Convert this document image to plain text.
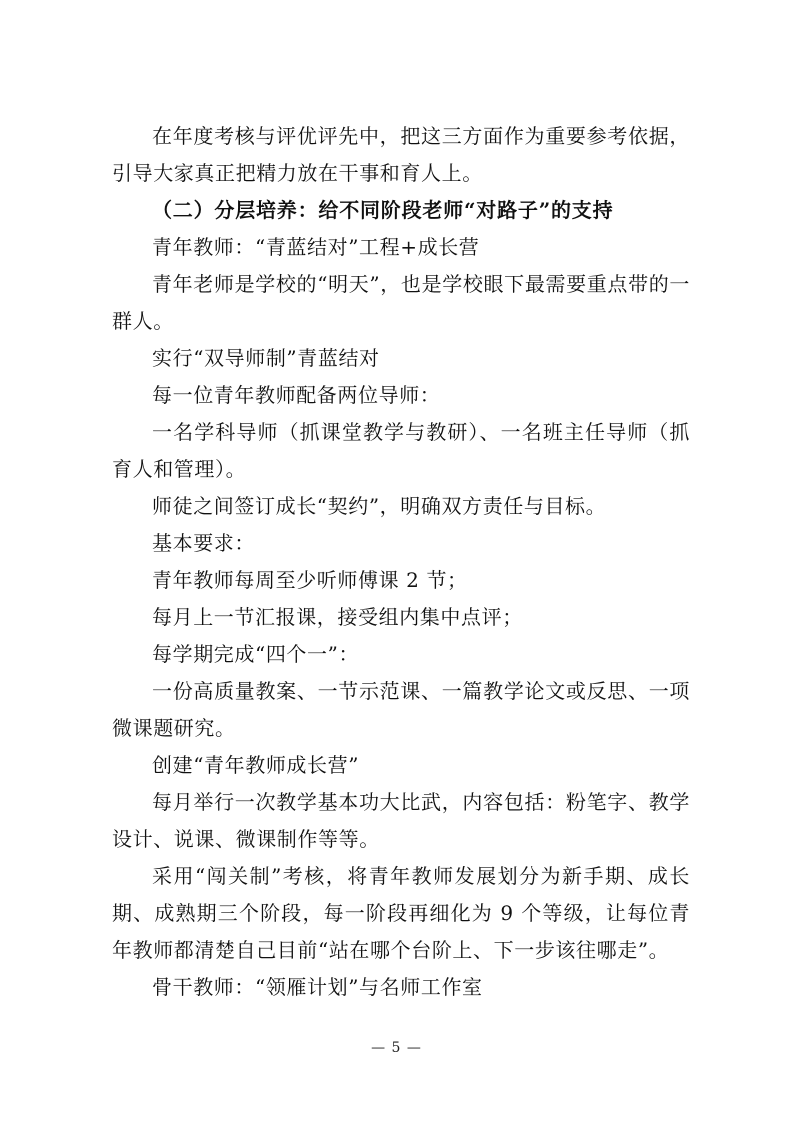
在年度考核与评优评先中，把这三方面作为重要参考依据，引导大家真正把精力放在干事和育人上。

（二）分层培养：给不同阶段老师“对路子”的支持

青年教师：“青蓝结对”工程+成长营

青年老师是学校的“明天”，也是学校眼下最需要重点带的一群人。

实行“双导师制”青蓝结对

每一位青年教师配备两位导师：

一名学科导师（抓课堂教学与教研）、一名班主任导师（抓育人和管理）。

师徒之间签订成长“契约”，明确双方责任与目标。

基本要求：

青年教师每周至少听师傅课 2 节；

每月上一节汇报课，接受组内集中点评；

每学期完成“四个一”：

一份高质量教案、一节示范课、一篇教学论文或反思、一项微课题研究。

创建“青年教师成长营”

每月举行一次教学基本功大比武，内容包括：粉笔字、教学设计、说课、微课制作等等。

采用“闯关制”考核，将青年教师发展划分为新手期、成长期、成熟期三个阶段，每一阶段再细化为 9 个等级，让每位青年教师都清楚自己目前“站在哪个台阶上、下一步该往哪走”。

骨干教师：“领雁计划”与名师工作室

— 5 —
